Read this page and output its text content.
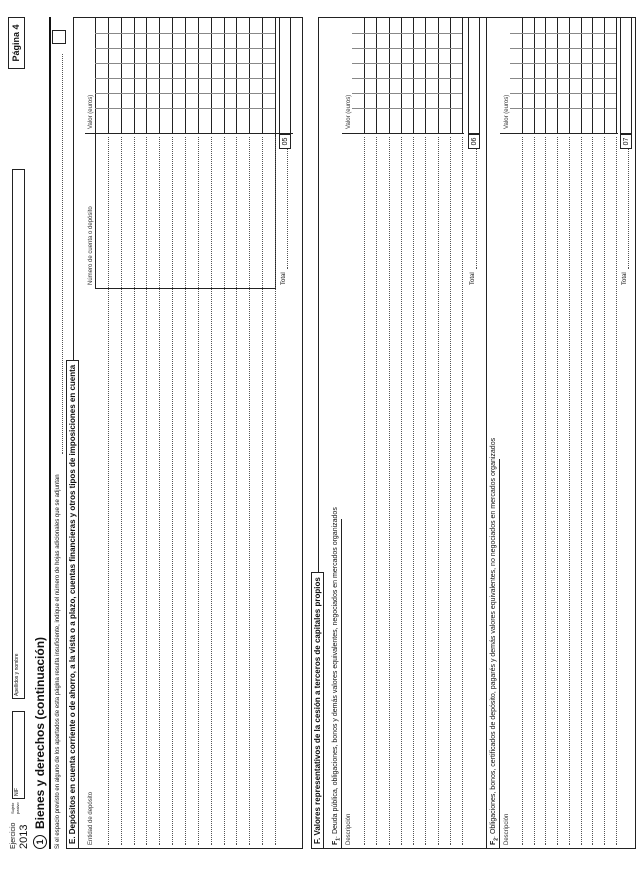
Ejercicio 2013
Sujeto
pasivo
NIF
Apellidos y nombre
Página 4
1
Bienes y derechos (continuación) Si el espacio previsto en alguno de los apartados de esta página resulta insuficiente, indique el número de hojas adicionales que se adjuntan E. Depósitos en cuenta corriente o de ahorro, a la vista o a plazo, cuentas financieras y otros tipos de imposiciones en cuenta	Entidad de depósito
Número de cuenta o depósito
Valor (euros)
Total
05
F. Valores representativos de la cesión a terceros de capitales propios $F_1$. Deuda pública, obligaciones, bonos y demás valores equivalentes, negociados en mercados organizados	Descripción
Valor (euros)
Total
06
$F_2$. Obligaciones, bonos, certificados de depósito, pagarés y demás valores equivalentes, no negociados en mercados organizados	Descripción
Valor (euros)
Total
07
